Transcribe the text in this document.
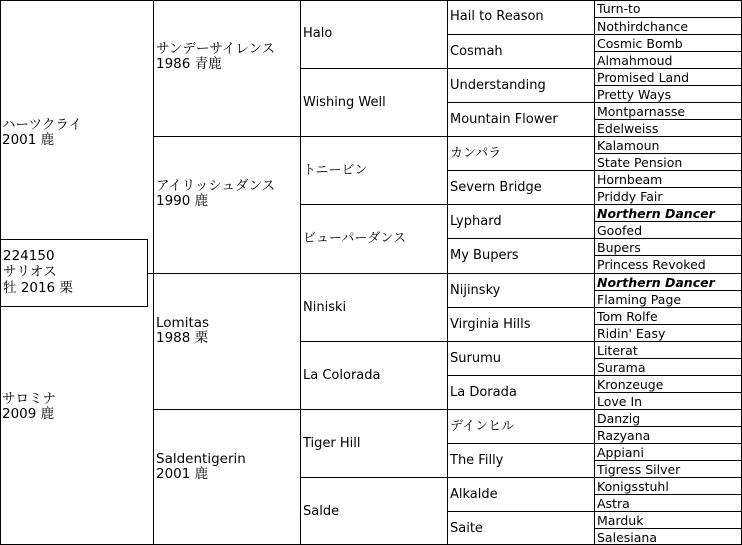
ハーツクライ
2001 鹿
サロミナ
2009 鹿
サンデーサイレンス
1986 青鹿
アイリッシュダンス
1990 鹿
Lomitas
1988 栗
Saldentigerin
2001 鹿
Halo
Wishing Well
トニービン
ビューパーダンス
Niniski
La Colorada
Tiger Hill
Salde
Hail to Reason
Cosmah
Understanding
Mountain Flower
カンパラ
Severn Bridge
Lyphard
My Bupers
Nijinsky
Virginia Hills
Surumu
La Dorada
デインヒル
The Filly
Alkalde
Saite
Turn-to
Nothirdchance
Cosmic Bomb
Almahmoud
Promised Land
Pretty Ways
Montparnasse
Edelweiss
Kalamoun
State Pension
Hornbeam
Priddy Fair
Northern Dancer
Goofed
Bupers
Princess Revoked
Northern Dancer
Flaming Page
Tom Rolfe
Ridin' Easy
Literat
Surama
Kronzeuge
Love In
Danzig
Razyana
Appiani
Tigress Silver
Konigsstuhl
Astra
Marduk
Salesiana
224150
サリオス
牡 2016 栗
